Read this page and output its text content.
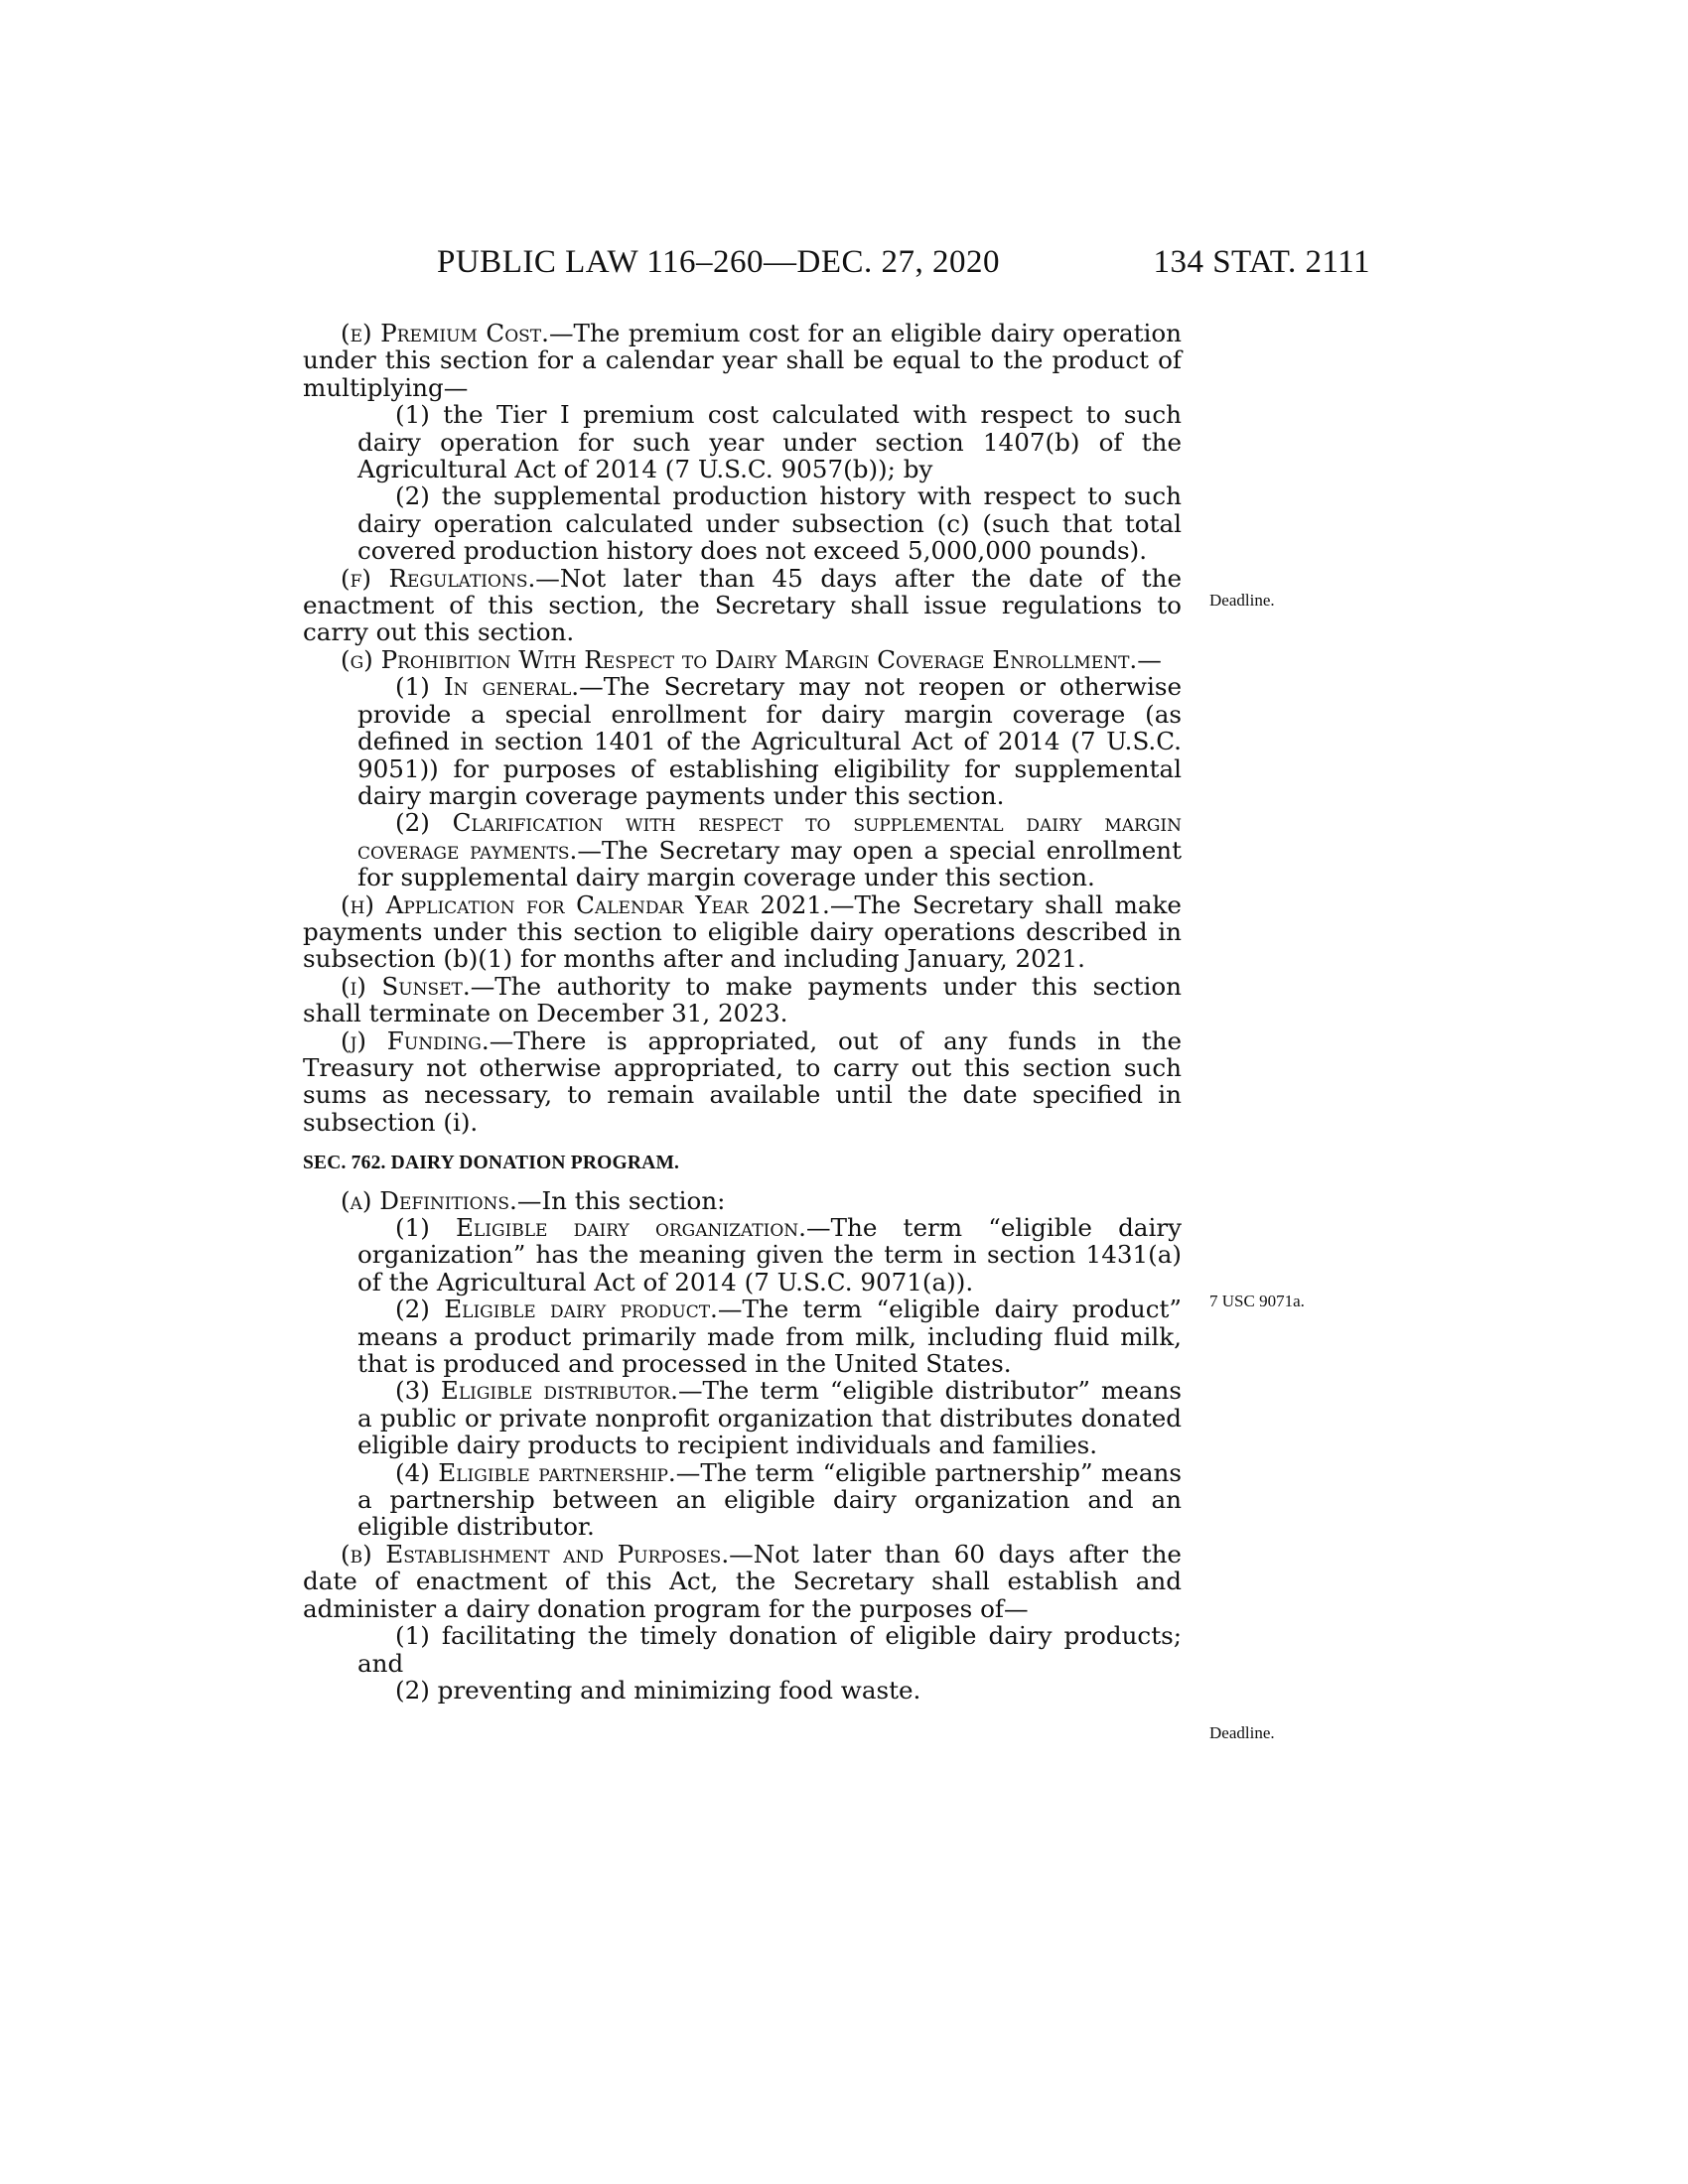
PUBLIC LAW 116–260—DEC. 27, 2020	134 STAT. 2111
Deadline.
7 USC 9071a.
Deadline.

(e) Premium Cost.—The premium cost for an eligible dairy operation under this section for a calendar year shall be equal to the product of multiplying—

(1) the Tier I premium cost calculated with respect to such dairy operation for such year under section 1407(b) of the Agricultural Act of 2014 (7 U.S.C. 9057(b)); by

(2) the supplemental production history with respect to such dairy operation calculated under subsection (c) (such that total covered production history does not exceed 5,000,000 pounds).

(f) Regulations.—Not later than 45 days after the date of the enactment of this section, the Secretary shall issue regulations to carry out this section.

(g) Prohibition With Respect to Dairy Margin Coverage Enrollment.—

(1) In general.—The Secretary may not reopen or otherwise provide a special enrollment for dairy margin coverage (as defined in section 1401 of the Agricultural Act of 2014 (7 U.S.C. 9051)) for purposes of establishing eligibility for supplemental dairy margin coverage payments under this section.

(2) Clarification with respect to supplemental dairy margin coverage payments.—The Secretary may open a special enrollment for supplemental dairy margin coverage under this section.

(h) Application for Calendar Year 2021.—The Secretary shall make payments under this section to eligible dairy operations described in subsection (b)(1) for months after and including January, 2021.

(i) Sunset.—The authority to make payments under this section shall terminate on December 31, 2023.

(j) Funding.—There is appropriated, out of any funds in the Treasury not otherwise appropriated, to carry out this section such sums as necessary, to remain available until the date specified in subsection (i).

SEC. 762. DAIRY DONATION PROGRAM.

(a) Definitions.—In this section:

(1) Eligible dairy organization.—The term “eligible dairy organization” has the meaning given the term in section 1431(a) of the Agricultural Act of 2014 (7 U.S.C. 9071(a)).

(2) Eligible dairy product.—The term “eligible dairy product” means a product primarily made from milk, including fluid milk, that is produced and processed in the United States.

(3) Eligible distributor.—The term “eligible distributor” means a public or private nonprofit organization that distributes donated eligible dairy products to recipient individuals and families.

(4) Eligible partnership.—The term “eligible partnership” means a partnership between an eligible dairy organization and an eligible distributor.

(b) Establishment and Purposes.—Not later than 60 days after the date of enactment of this Act, the Secretary shall establish and administer a dairy donation program for the purposes of—

(1) facilitating the timely donation of eligible dairy products; and

(2) preventing and minimizing food waste.
